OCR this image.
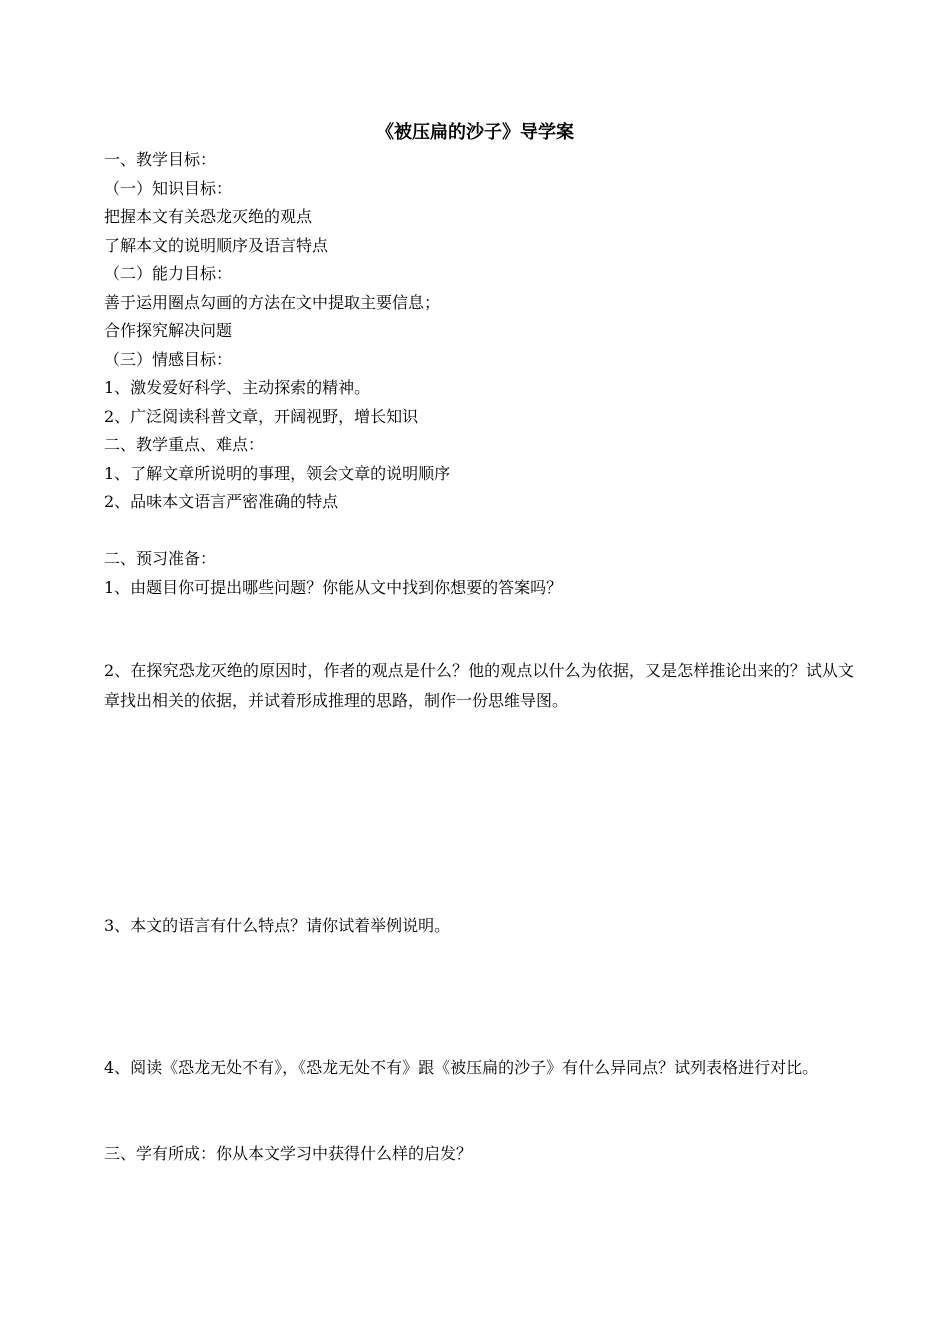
《被压扁的沙子》导学案
一、教学目标：
（一）知识目标：
把握本文有关恐龙灭绝的观点
了解本文的说明顺序及语言特点
（二）能力目标：
善于运用圈点勾画的方法在文中提取主要信息；
合作探究解决问题
（三）情感目标：
1、激发爱好科学、主动探索的精神。
2、广泛阅读科普文章，开阔视野，增长知识
二、教学重点、难点：
1、了解文章所说明的事理，领会文章的说明顺序
2、品味本文语言严密准确的特点
二、预习准备：
1、由题目你可提出哪些问题？你能从文中找到你想要的答案吗？
2、在探究恐龙灭绝的原因时，作者的观点是什么？他的观点以什么为依据，又是怎样推论出来的？试从文章找出相关的依据，并试着形成推理的思路，制作一份思维导图。
3、本文的语言有什么特点？请你试着举例说明。
4、阅读《恐龙无处不有》，《恐龙无处不有》跟《被压扁的沙子》有什么异同点？试列表格进行对比。
三、学有所成：你从本文学习中获得什么样的启发？
